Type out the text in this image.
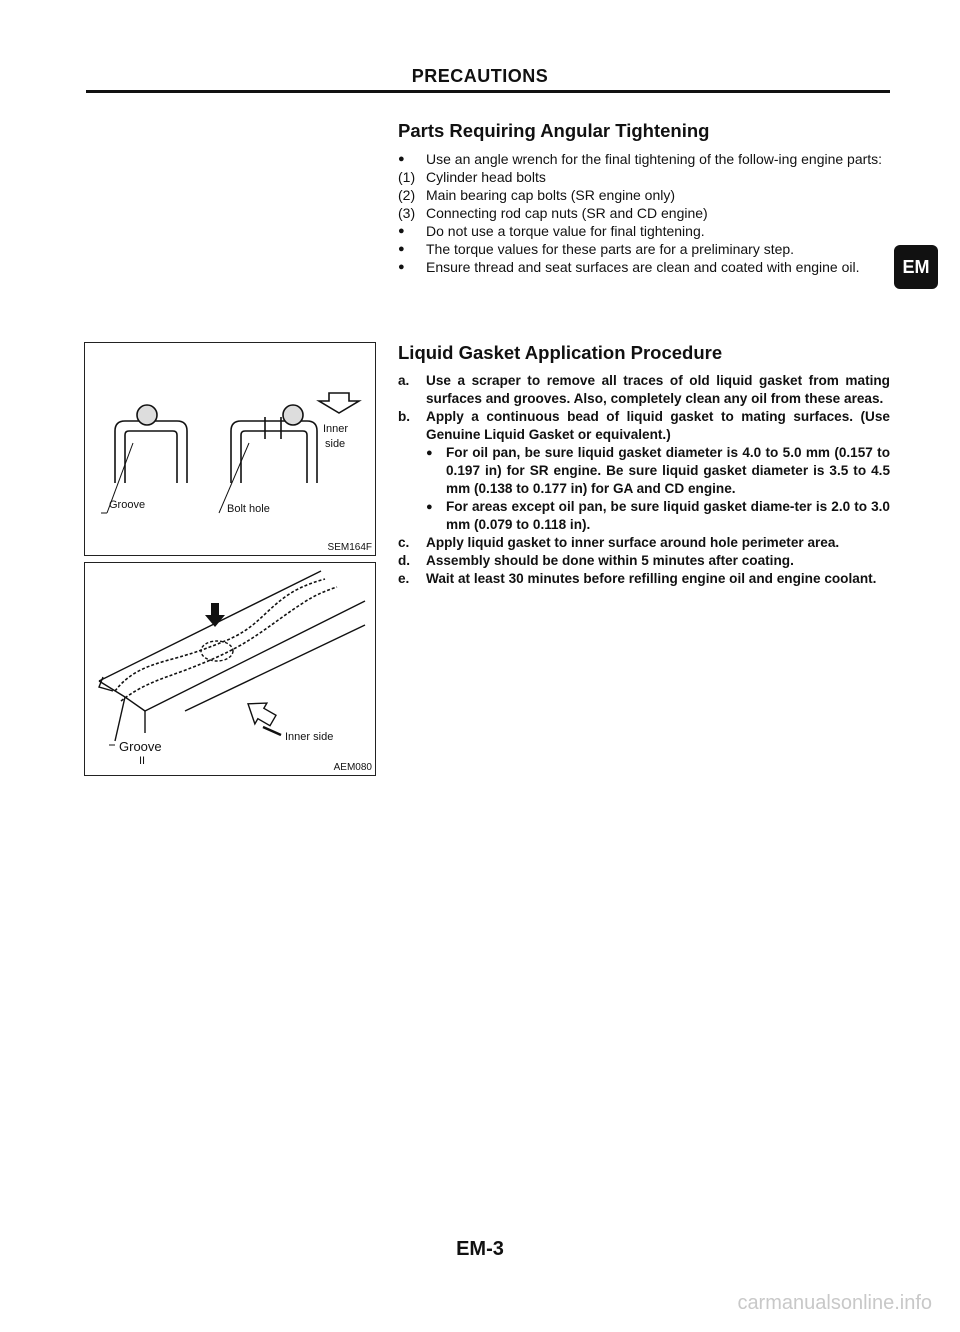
PRECAUTIONS
Parts Requiring Angular Tightening
●	Use an angle wrench for the final tightening of the follow-ing engine parts:
(1) Cylinder head bolts
(2) Main bearing cap bolts (SR engine only)
(3) Connecting rod cap nuts (SR and CD engine)
●	Do not use a torque value for final tightening.
●	The torque values for these parts are for a preliminary step.
●	Ensure thread and seat surfaces are clean and coated with engine oil.	EM
Liquid Gasket Application Procedure
a.	Use a scraper to remove all traces of old liquid gasket from mating surfaces and grooves. Also, completely clean any oil from these areas.
b.	Apply a continuous bead of liquid gasket to mating surfaces. (Use Genuine Liquid Gasket or equivalent.)
● For oil pan, be sure liquid gasket diameter is 4.0 to 5.0 mm (0.157 to 0.197 in) for SR engine. Be sure liquid gasket diameter is 3.5 to 4.5 mm (0.138 to 0.177 in) for GA and CD engine.
● For areas except oil pan, be sure liquid gasket diame-ter is 2.0 to 3.0 mm (0.079 to 0.118 in).
c.	Apply liquid gasket to inner surface around hole perimeter area.
d.	Assembly should be done within 5 minutes after coating.
e.	Wait at least 30 minutes before refilling engine oil and engine coolant.
Groove	Bolt hole
Inner
side
SEM164F
Groove
II
Inner side
AEM080
EM-3
carmanualsonline.info
